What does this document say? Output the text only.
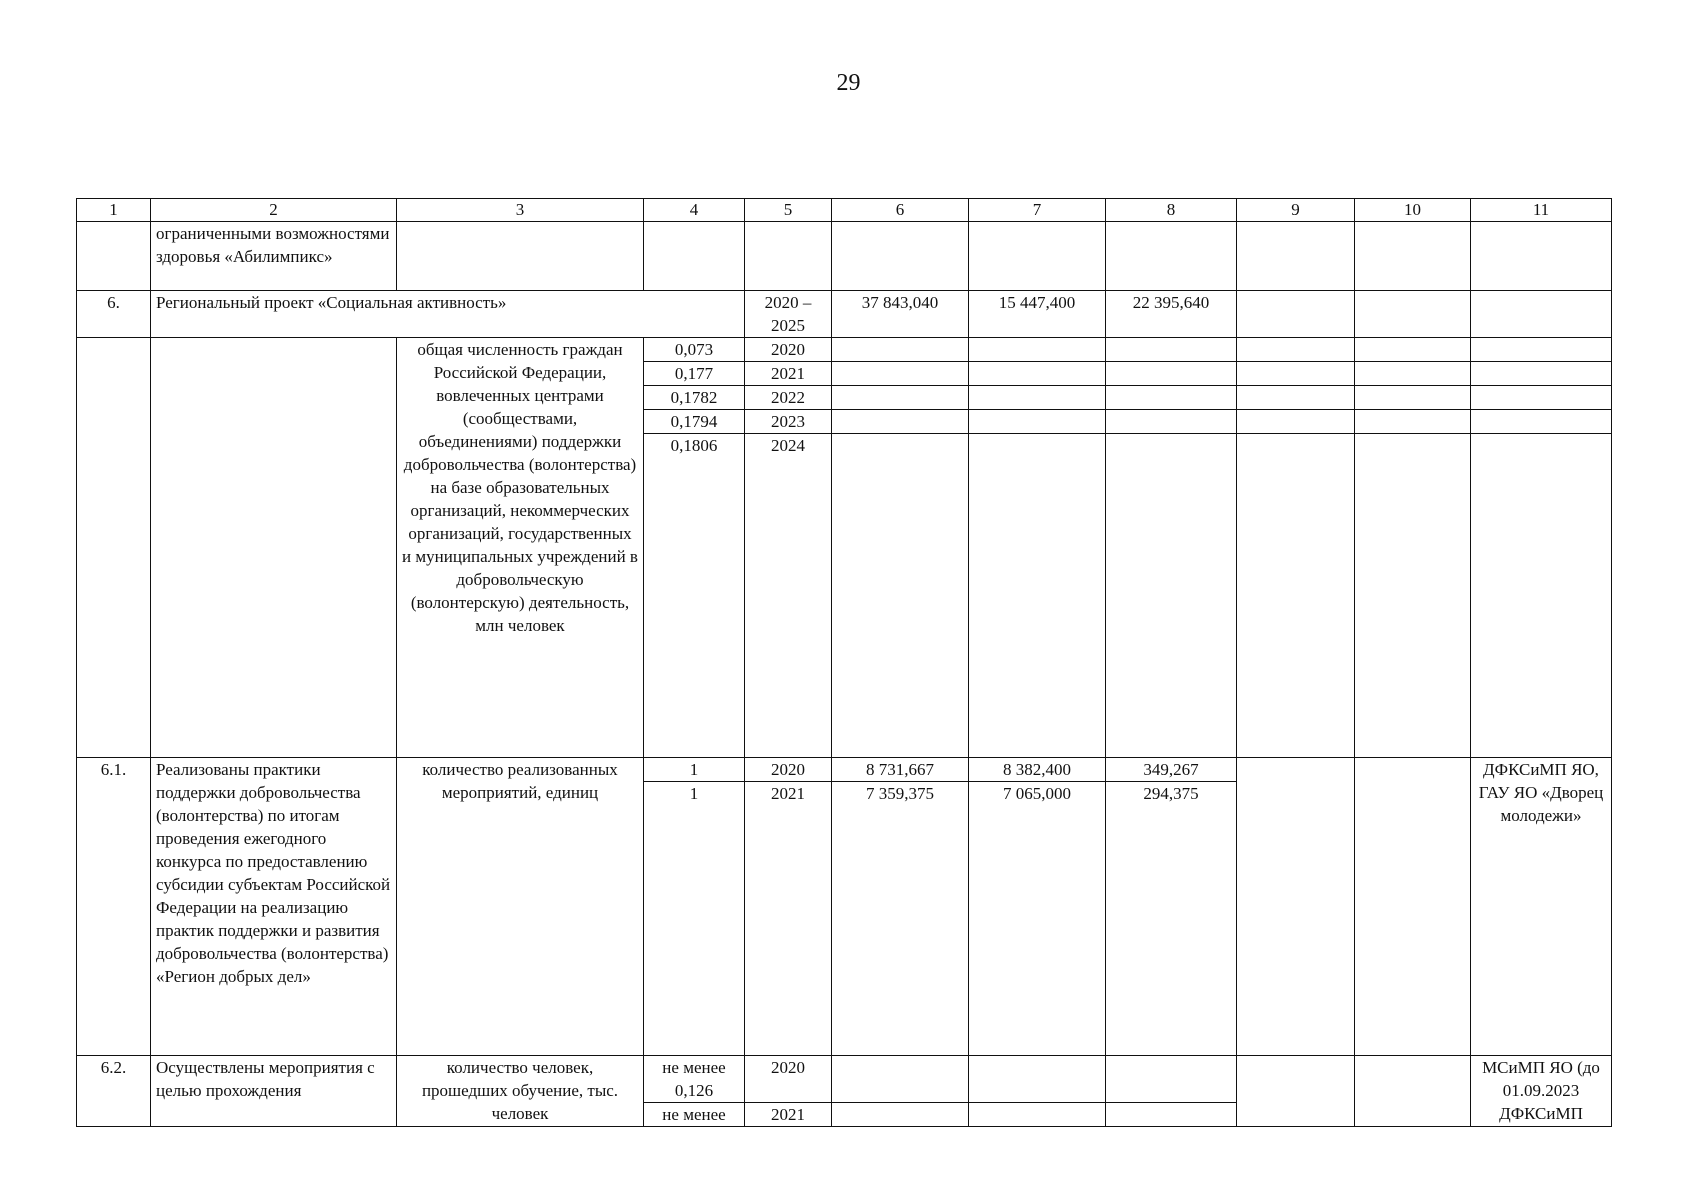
29
1	2	3	4	5	6	7	8	9	10	11
	ограниченными возможностями здоровья «Абилимпикс»									
6.	Региональный проект «Социальная активность»			2020 – 2025	37 843,040	15 447,400	22 395,640			
		общая численность граждан Российской Федерации, вовлеченных центрами (сообществами, объединениями) поддержки добровольчества (волонтерства) на базе образовательных организаций, некоммерческих организаций, государственных и муниципальных учреждений в добровольческую (волонтерскую) деятельность, млн человек	0,073	2020						
			0,177	2021						
			0,1782	2022						
			0,1794	2023						
			0,1806	2024						
6.1.	Реализованы практики поддержки добровольчества (волонтерства) по итогам проведения ежегодного конкурса по предоставлению субсидии субъектам Российской Федерации на реализацию практик поддержки и развития добровольчества (волонтерства) «Регион добрых дел»	количество реализованных мероприятий, единиц	1	2020	8 731,667	8 382,400	349,267			ДФКСиМП ЯО, ГАУ ЯО «Дворец молодежи»
			1	2021	7 359,375	7 065,000	294,375			
6.2.	Осуществлены мероприятия с целью прохождения	количество человек, прошедших обучение, тыс. человек	не менее 0,126	2020						МСиМП ЯО (до 01.09.2023 ДФКСиМП
			не менее	2021						
